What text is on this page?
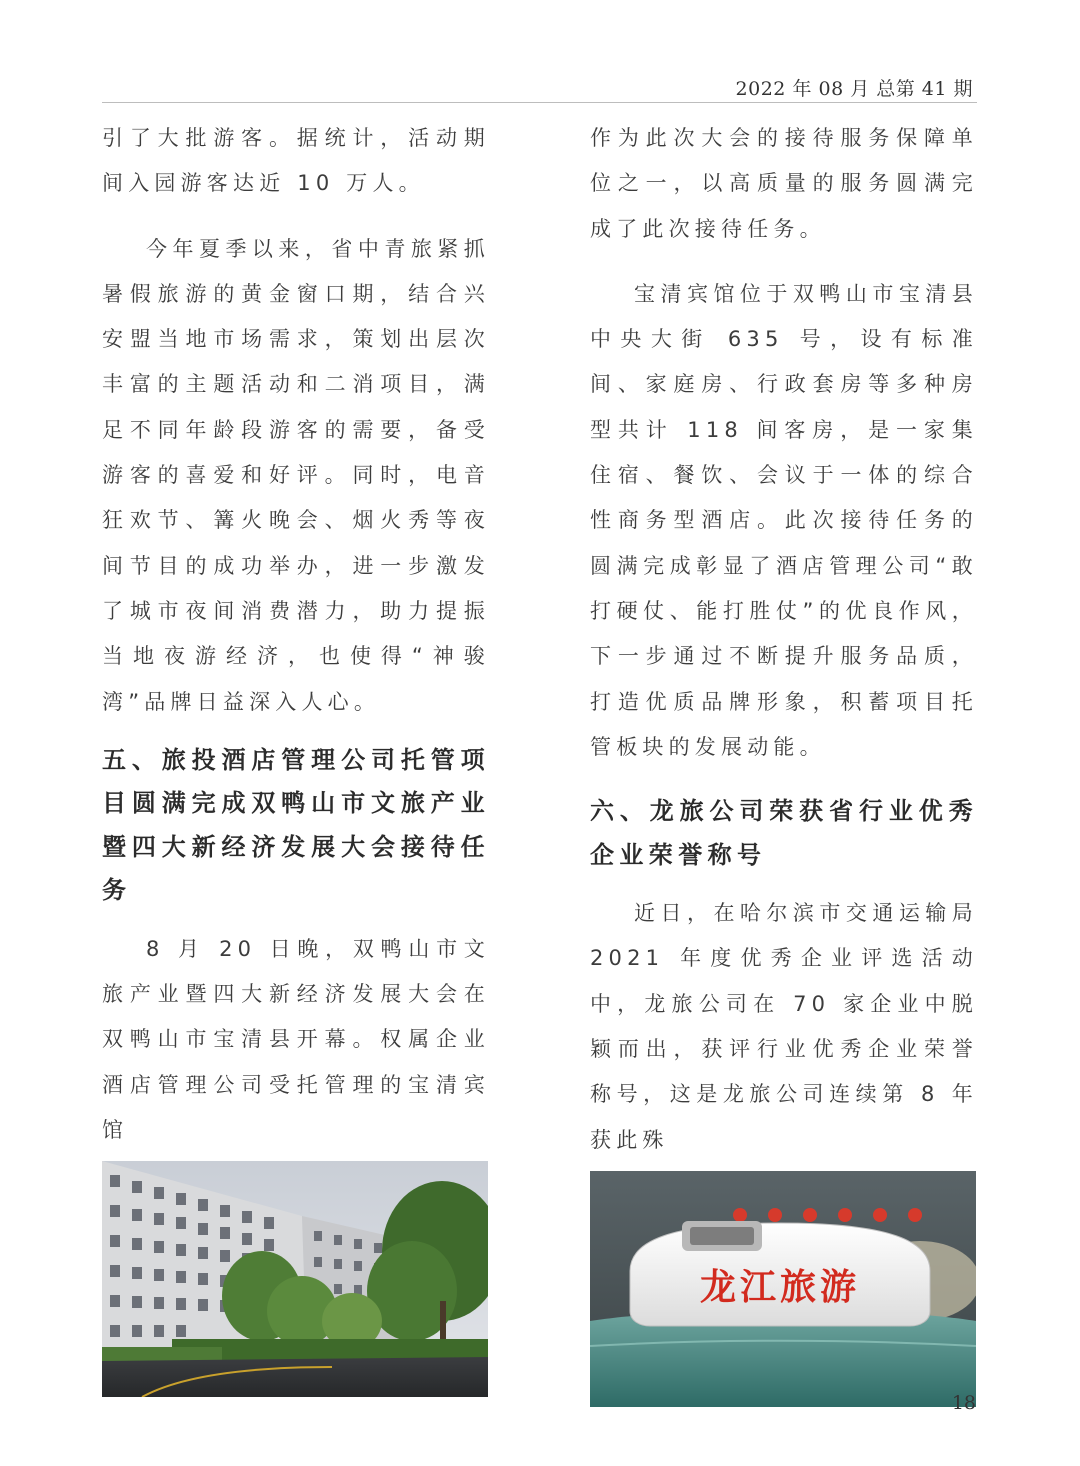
2022 年 08 月 总第 41 期

引了大批游客。据统计，活动期间入园游客达近 10 万人。

今年夏季以来，省中青旅紧抓暑假旅游的黄金窗口期，结合兴安盟当地市场需求，策划出层次丰富的主题活动和二消项目，满足不同年龄段游客的需要，备受游客的喜爱和好评。同时，电音狂欢节、篝火晚会、烟火秀等夜间节目的成功举办，进一步激发了城市夜间消费潜力，助力提振当地夜游经济，也使得“神骏湾”品牌日益深入人心。

五、旅投酒店管理公司托管项目圆满完成双鸭山市文旅产业暨四大新经济发展大会接待任务

8 月 20 日晚，双鸭山市文旅产业暨四大新经济发展大会在双鸭山市宝清县开幕。权属企业酒店管理公司受托管理的宝清宾馆

作为此次大会的接待服务保障单位之一，以高质量的服务圆满完成了此次接待任务。

宝清宾馆位于双鸭山市宝清县中央大街 635 号，设有标准间、家庭房、行政套房等多种房型共计 118 间客房，是一家集住宿、餐饮、会议于一体的综合性商务型酒店。此次接待任务的圆满完成彰显了酒店管理公司“敢打硬仗、能打胜仗”的优良作风，下一步通过不断提升服务品质，打造优质品牌形象，积蓄项目托管板块的发展动能。

六、龙旅公司荣获省行业优秀企业荣誉称号

近日，在哈尔滨市交通运输局 2021 年度优秀企业评选活动中，龙旅公司在 70 家企业中脱颖而出，获评行业优秀企业荣誉称号，这是龙旅公司连续第 8 年获此殊

龙江旅游
18
